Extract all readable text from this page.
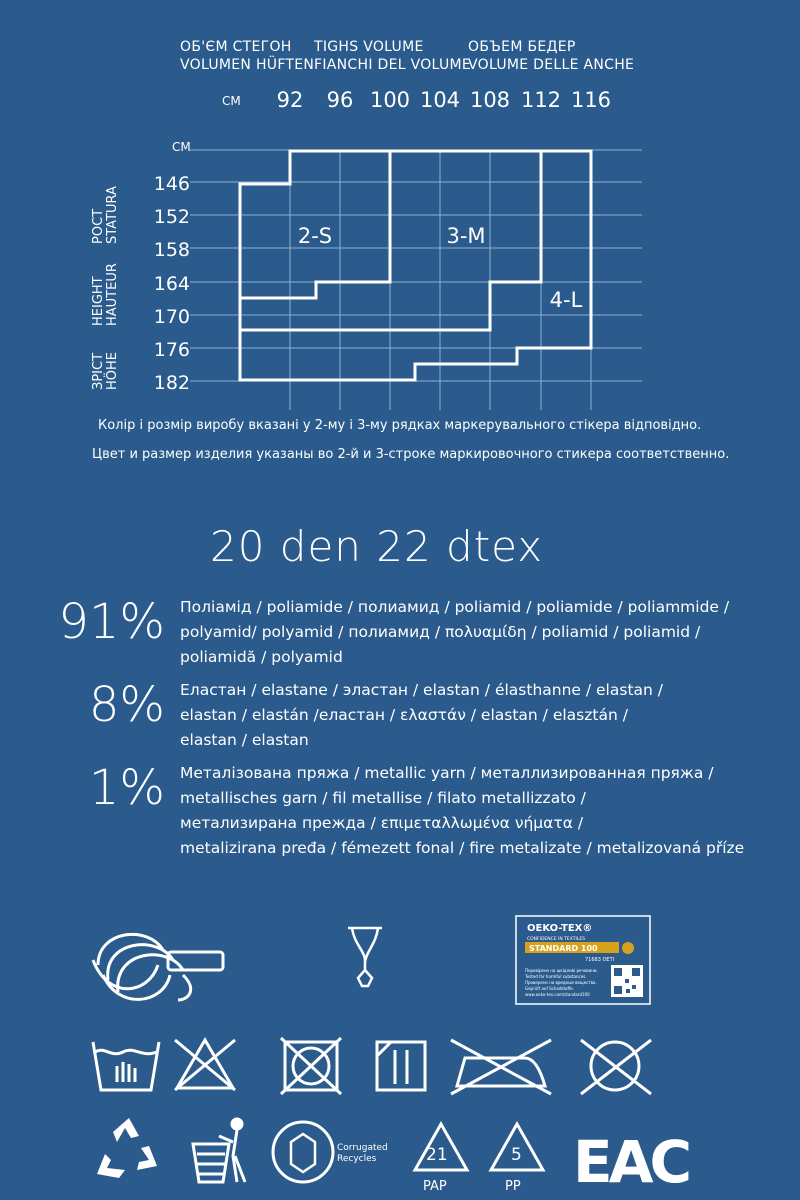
ОБ'ЄМ СТЕГОН
VOLUMEN HÜFTEN
TIGHS VOLUME
FIANCHI DEL VOLUME
ОБЪЕМ БЕДЕР
VOLUME DELLE ANCHE
92 96 100 104 108 112 116
146
152
158
164
170
176
182
2-S	3-M
4-L
СМ
СМ
РОСТ STATURA
HEIGHT HAUTEUR
ЗРІСТ HÖHE
Колір і розмір виробу вказані у 2-му і 3-му рядках маркерувального стікера відповідно.
Цвет и размер изделия указаны во 2-й и 3-строке маркировочного стикера соответственно.
20 den 22 dtex
91% Поліамід / poliamide / полиамид / poliamid / poliamide / poliammide /
polyamid/ polyamid / полиамид / πολυαμίδη / poliamid / poliamid /
poliamidă / polyamid
8% Еластан / elastane / эластан / elastan / élasthanne / elastan /
elastan / elastán /еластан / ελαστάν / elastan / elasztán /
elastan / elastan
1% Металізована пряжа / metallic yarn / металлизированная пряжа /
metallisches garn / fil metallise / filato metallizzato /
метализирана прежда / επιμεταλλωμένα νήματα /
metalizirana pređa / fémezett fonal / fire metalizate / metalizovaná příze
OEKO-TEX®
CONFIDENCE IN TEXTILES
STANDARD 100
71683 OETI
Перевірено на шкідливі речовини.
Tested for harmful substances.
Проверено на вредные вещества.
Geprüft auf Schadstoffe.
www.oeko-tex.com/standard100
Corrugated
Recycles	21
PAP
5
PP EAC
